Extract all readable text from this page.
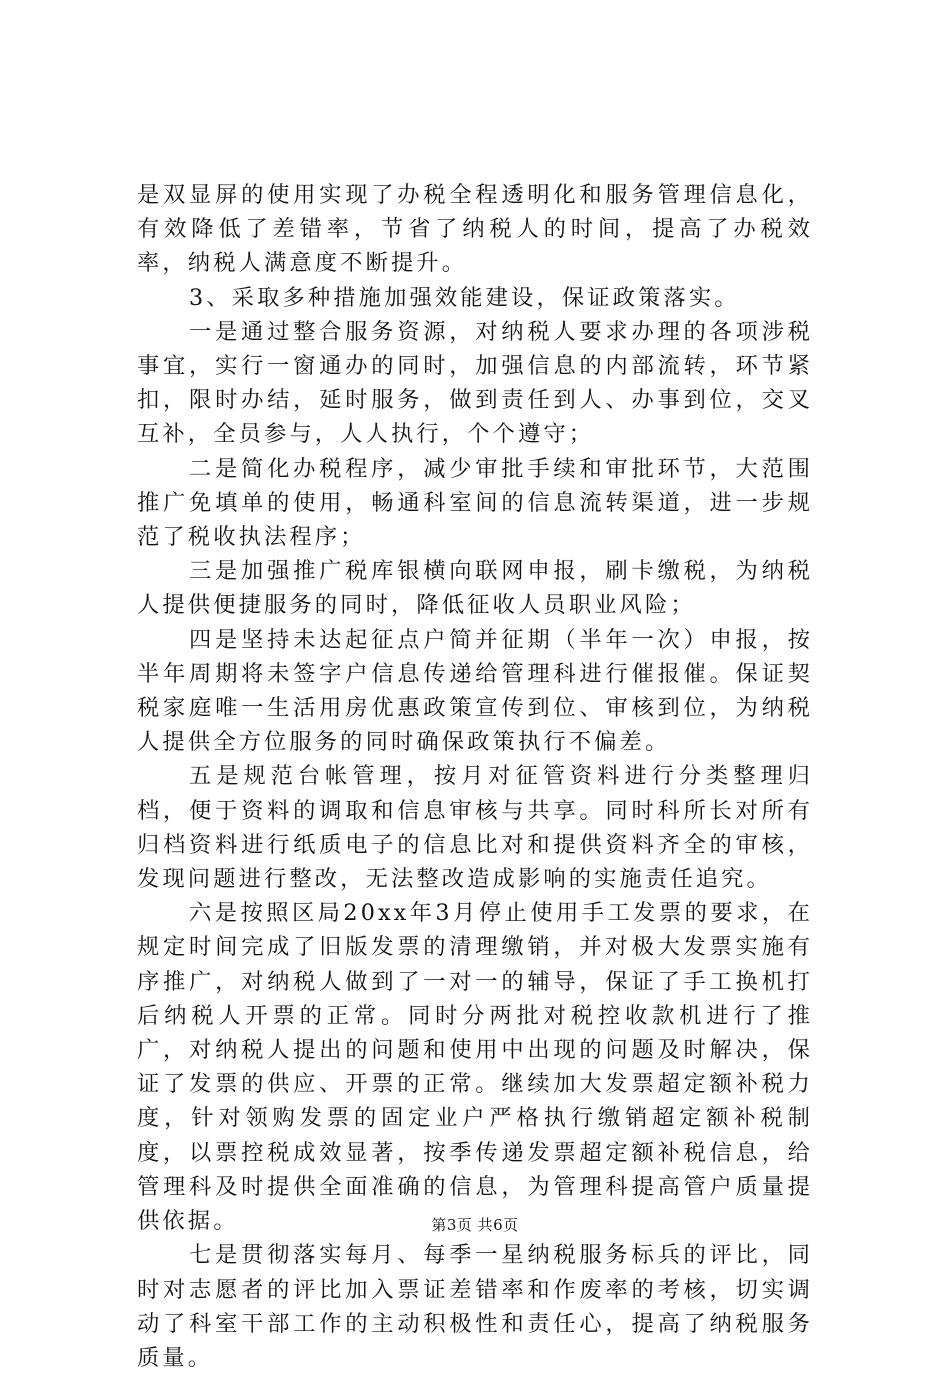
是双显屏的使用实现了办税全程透明化和服务管理信息化，有效降低了差错率，节省了纳税人的时间，提高了办税效率，纳税人满意度不断提升。

3、采取多种措施加强效能建设，保证政策落实。

一是通过整合服务资源，对纳税人要求办理的各项涉税事宜，实行一窗通办的同时，加强信息的内部流转，环节紧扣，限时办结，延时服务，做到责任到人、办事到位，交叉互补，全员参与，人人执行，个个遵守；

二是简化办税程序，减少审批手续和审批环节，大范围推广免填单的使用，畅通科室间的信息流转渠道，进一步规范了税收执法程序；

三是加强推广税库银横向联网申报，刷卡缴税，为纳税人提供便捷服务的同时，降低征收人员职业风险；

四是坚持未达起征点户简并征期（半年一次）申报，按半年周期将未签字户信息传递给管理科进行催报催。保证契税家庭唯一生活用房优惠政策宣传到位、审核到位，为纳税人提供全方位服务的同时确保政策执行不偏差。

五是规范台帐管理，按月对征管资料进行分类整理归档，便于资料的调取和信息审核与共享。同时科所长对所有归档资料进行纸质电子的信息比对和提供资料齐全的审核，发现问题进行整改，无法整改造成影响的实施责任追究。

六是按照区局20xx年3月停止使用手工发票的要求，在规定时间完成了旧版发票的清理缴销，并对极大发票实施有序推广，对纳税人做到了一对一的辅导，保证了手工换机打后纳税人开票的正常。同时分两批对税控收款机进行了推广，对纳税人提出的问题和使用中出现的问题及时解决，保证了发票的供应、开票的正常。继续加大发票超定额补税力度，针对领购发票的固定业户严格执行缴销超定额补税制度，以票控税成效显著，按季传递发票超定额补税信息，给管理科及时提供全面准确的信息，为管理科提高管户质量提供依据。

七是贯彻落实每月、每季一星纳税服务标兵的评比，同时对志愿者的评比加入票证差错率和作废率的考核，切实调动了科室干部工作的主动积极性和责任心，提高了纳税服务质量。

第3页 共6页
